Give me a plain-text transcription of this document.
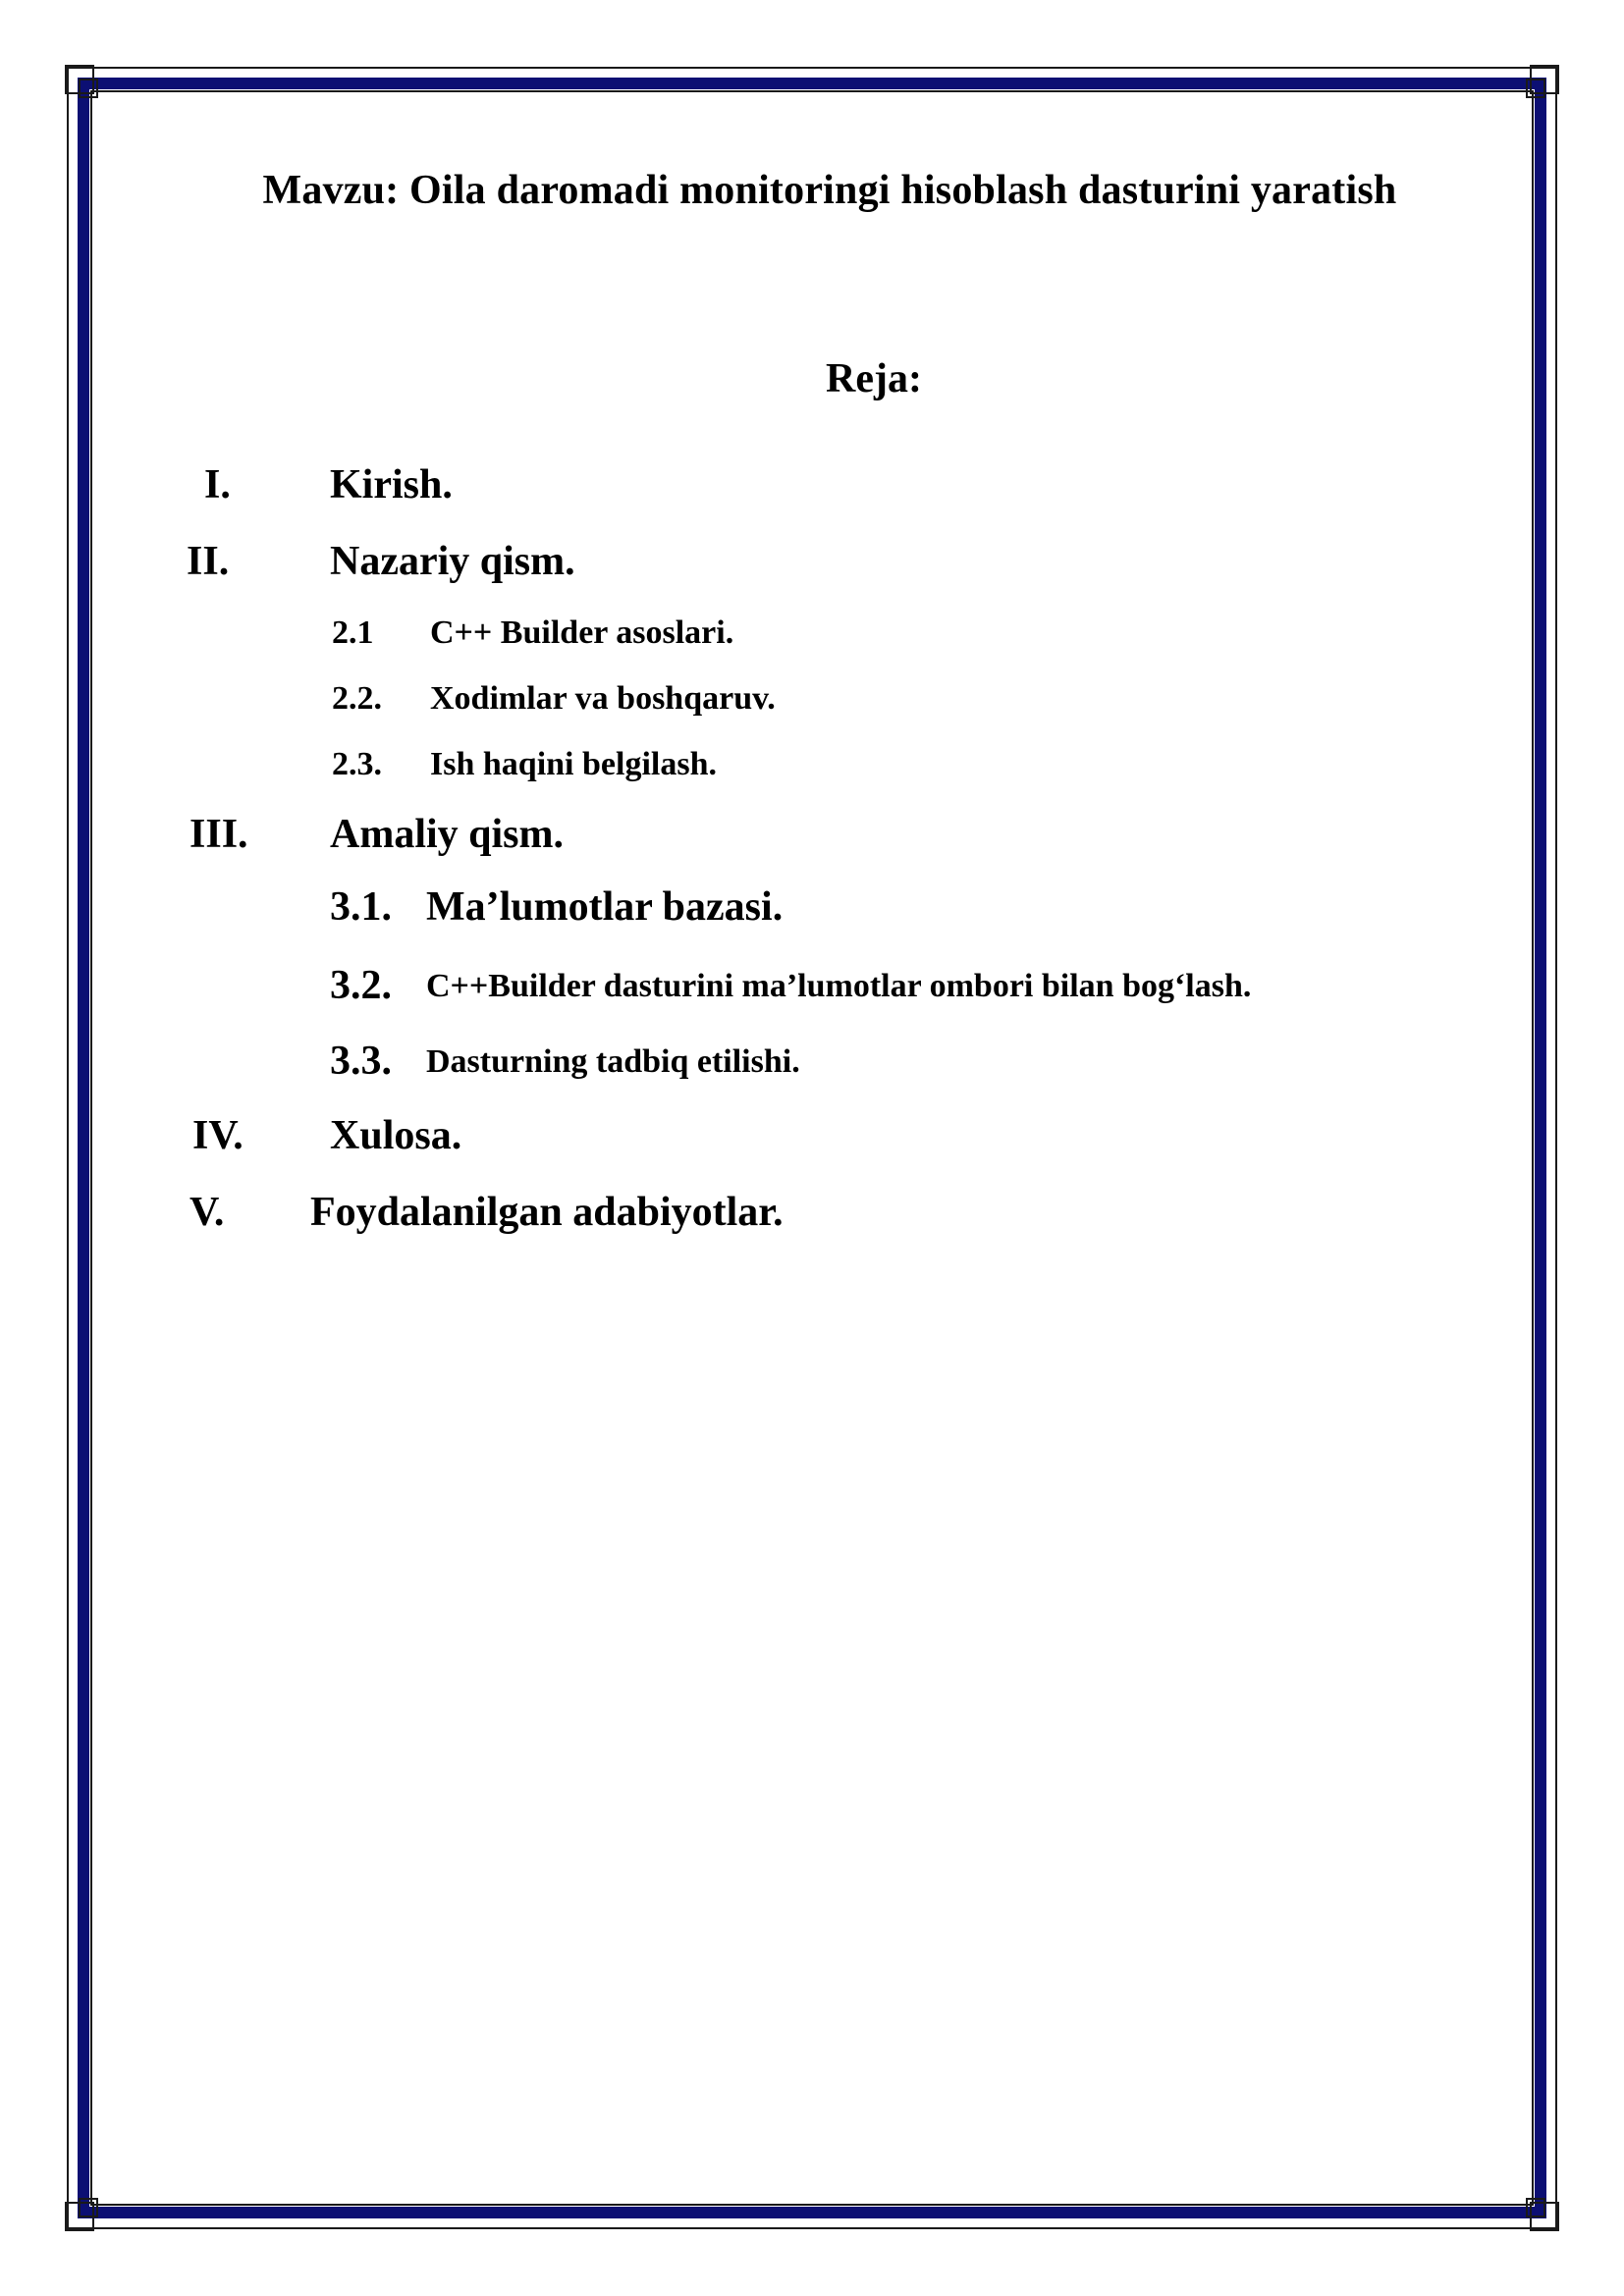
Mavzu: Oila daromadi monitoringi hisoblash dasturini yaratish
Reja:
I. Kirish.
II. Nazariy qism.
2.1 C++ Builder asoslari.
2.2. Xodimlar va boshqaruv.
2.3. Ish haqini belgilash.
III. Amaliy qism.
3.1. Ma’lumotlar bazasi.
3.2. C++Builder dasturini ma’lumotlar ombori bilan bog‘lash.
3.3. Dasturning tadbiq etilishi.
IV. Xulosa.
V. Foydalanilgan adabiyotlar.
